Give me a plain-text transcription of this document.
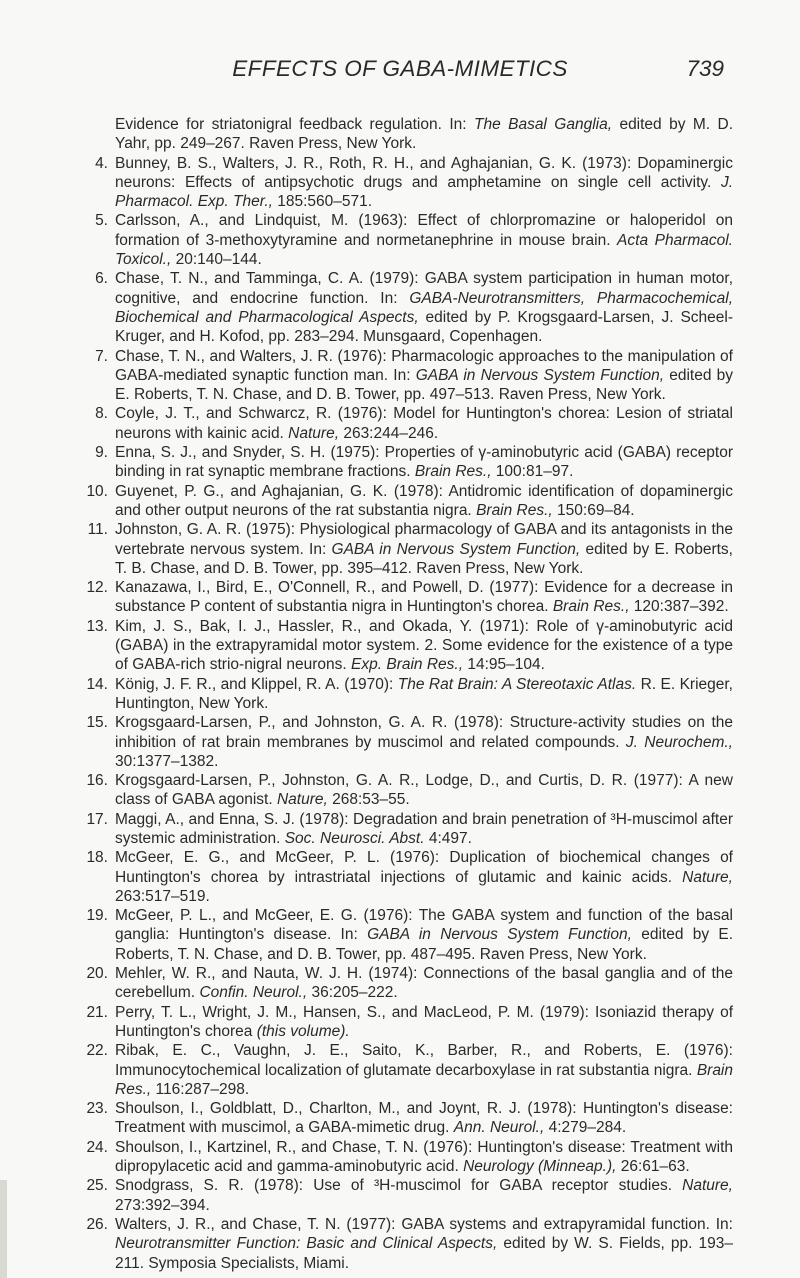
EFFECTS OF GABA-MIMETICS	739
Evidence for striatonigral feedback regulation. In: The Basal Ganglia, edited by M. D. Yahr, pp. 249–267. Raven Press, New York.
4. Bunney, B. S., Walters, J. R., Roth, R. H., and Aghajanian, G. K. (1973): Dopaminergic neurons: Effects of antipsychotic drugs and amphetamine on single cell activity. J. Pharmacol. Exp. Ther., 185:560–571.
5. Carlsson, A., and Lindquist, M. (1963): Effect of chlorpromazine or haloperidol on formation of 3-methoxytyramine and normetanephrine in mouse brain. Acta Pharmacol. Toxicol., 20:140–144.
6. Chase, T. N., and Tamminga, C. A. (1979): GABA system participation in human motor, cognitive, and endocrine function. In: GABA-Neurotransmitters, Pharmacochemical, Biochemical and Pharmacological Aspects, edited by P. Krogsgaard-Larsen, J. Scheel-Kruger, and H. Kofod, pp. 283–294. Munsgaard, Copenhagen.
7. Chase, T. N., and Walters, J. R. (1976): Pharmacologic approaches to the manipulation of GABA-mediated synaptic function man. In: GABA in Nervous System Function, edited by E. Roberts, T. N. Chase, and D. B. Tower, pp. 497–513. Raven Press, New York.
8. Coyle, J. T., and Schwarcz, R. (1976): Model for Huntington's chorea: Lesion of striatal neurons with kainic acid. Nature, 263:244–246.
9. Enna, S. J., and Snyder, S. H. (1975): Properties of γ-aminobutyric acid (GABA) receptor binding in rat synaptic membrane fractions. Brain Res., 100:81–97.
10. Guyenet, P. G., and Aghajanian, G. K. (1978): Antidromic identification of dopaminergic and other output neurons of the rat substantia nigra. Brain Res., 150:69–84.
11. Johnston, G. A. R. (1975): Physiological pharmacology of GABA and its antagonists in the vertebrate nervous system. In: GABA in Nervous System Function, edited by E. Roberts, T. B. Chase, and D. B. Tower, pp. 395–412. Raven Press, New York.
12. Kanazawa, I., Bird, E., O'Connell, R., and Powell, D. (1977): Evidence for a decrease in substance P content of substantia nigra in Huntington's chorea. Brain Res., 120:387–392.
13. Kim, J. S., Bak, I. J., Hassler, R., and Okada, Y. (1971): Role of γ-aminobutyric acid (GABA) in the extrapyramidal motor system. 2. Some evidence for the existence of a type of GABA-rich strio-nigral neurons. Exp. Brain Res., 14:95–104.
14. König, J. F. R., and Klippel, R. A. (1970): The Rat Brain: A Stereotaxic Atlas. R. E. Krieger, Huntington, New York.
15. Krogsgaard-Larsen, P., and Johnston, G. A. R. (1978): Structure-activity studies on the inhibition of rat brain membranes by muscimol and related compounds. J. Neurochem., 30:1377–1382.
16. Krogsgaard-Larsen, P., Johnston, G. A. R., Lodge, D., and Curtis, D. R. (1977): A new class of GABA agonist. Nature, 268:53–55.
17. Maggi, A., and Enna, S. J. (1978): Degradation and brain penetration of ³H-muscimol after systemic administration. Soc. Neurosci. Abst. 4:497.
18. McGeer, E. G., and McGeer, P. L. (1976): Duplication of biochemical changes of Huntington's chorea by intrastriatal injections of glutamic and kainic acids. Nature, 263:517–519.
19. McGeer, P. L., and McGeer, E. G. (1976): The GABA system and function of the basal ganglia: Huntington's disease. In: GABA in Nervous System Function, edited by E. Roberts, T. N. Chase, and D. B. Tower, pp. 487–495. Raven Press, New York.
20. Mehler, W. R., and Nauta, W. J. H. (1974): Connections of the basal ganglia and of the cerebellum. Confin. Neurol., 36:205–222.
21. Perry, T. L., Wright, J. M., Hansen, S., and MacLeod, P. M. (1979): Isoniazid therapy of Huntington's chorea (this volume).
22. Ribak, E. C., Vaughn, J. E., Saito, K., Barber, R., and Roberts, E. (1976): Immunocytochemical localization of glutamate decarboxylase in rat substantia nigra. Brain Res., 116:287–298.
23. Shoulson, I., Goldblatt, D., Charlton, M., and Joynt, R. J. (1978): Huntington's disease: Treatment with muscimol, a GABA-mimetic drug. Ann. Neurol., 4:279–284.
24. Shoulson, I., Kartzinel, R., and Chase, T. N. (1976): Huntington's disease: Treatment with dipropylacetic acid and gamma-aminobutyric acid. Neurology (Minneap.), 26:61–63.
25. Snodgrass, S. R. (1978): Use of ³H-muscimol for GABA receptor studies. Nature, 273:392–394.
26. Walters, J. R., and Chase, T. N. (1977): GABA systems and extrapyramidal function. In: Neurotransmitter Function: Basic and Clinical Aspects, edited by W. S. Fields, pp. 193–211. Symposia Specialists, Miami.
